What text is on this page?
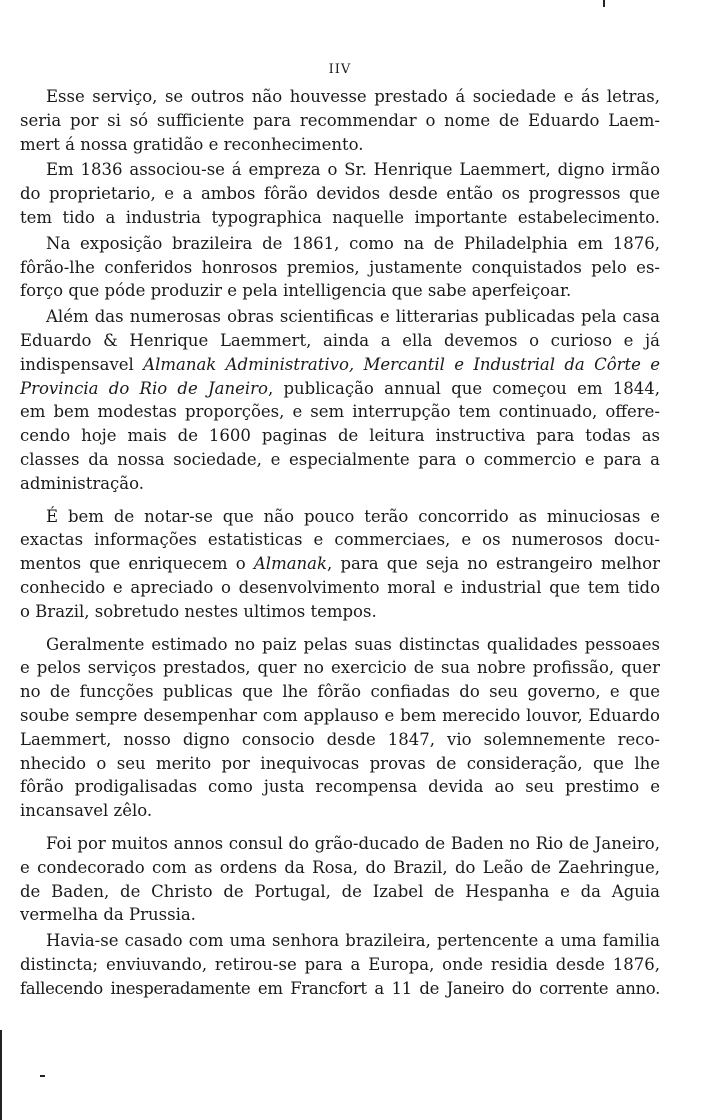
IIV

Esse serviço, se outros não houvesse prestado á sociedade e ás letras,
seria por si só sufficiente para recommendar o nome de Eduardo Laem-
mert á nossa gratidão e reconhecimento.

Em 1836 associou-se á empreza o Sr. Henrique Laemmert, digno irmão
do proprietario, e a ambos fôrão devidos desde então os progressos que
tem tido a industria typographica naquelle importante estabelecimento.

Na exposição brazileira de 1861, como na de Philadelphia em 1876,
fôrão-lhe conferidos honrosos premios, justamente conquistados pelo es-
forço que póde produzir e pela intelligencia que sabe aperfeiçoar.

Além das numerosas obras scientificas e litterarias publicadas pela casa
Eduardo & Henrique Laemmert, ainda a ella devemos o curioso e já
indispensavel Almanak Administrativo, Mercantil e Industrial da Côrte e
Provincia do Rio de Janeiro, publicação annual que começou em 1844,
em bem modestas proporções, e sem interrupção tem continuado, offere-
cendo hoje mais de 1600 paginas de leitura instructiva para todas as
classes da nossa sociedade, e especialmente para o commercio e para a
administração.

É bem de notar-se que não pouco terão concorrido as minuciosas e
exactas informações estatisticas e commerciaes, e os numerosos docu-
mentos que enriquecem o Almanak, para que seja no estrangeiro melhor
conhecido e apreciado o desenvolvimento moral e industrial que tem tido
o Brazil, sobretudo nestes ultimos tempos.

Geralmente estimado no paiz pelas suas distinctas qualidades pessoaes
e pelos serviços prestados, quer no exercicio de sua nobre profissão, quer
no de funcções publicas que lhe fôrão confiadas do seu governo, e que
soube sempre desempenhar com applauso e bem merecido louvor, Eduardo
Laemmert, nosso digno consocio desde 1847, vio solemnemente reco-
nhecido o seu merito por inequivocas provas de consideração, que lhe
fôrão prodigalisadas como justa recompensa devida ao seu prestimo e
incansavel zêlo.

Foi por muitos annos consul do grão-ducado de Baden no Rio de Janeiro,
e condecorado com as ordens da Rosa, do Brazil, do Leão de Zaehringue,
de Baden, de Christo de Portugal, de Izabel de Hespanha e da Aguia
vermelha da Prussia.

Havia-se casado com uma senhora brazileira, pertencente a uma familia
distincta; enviuvando, retirou-se para a Europa, onde residia desde 1876,
fallecendo inesperadamente em Francfort a 11 de Janeiro do corrente anno.
